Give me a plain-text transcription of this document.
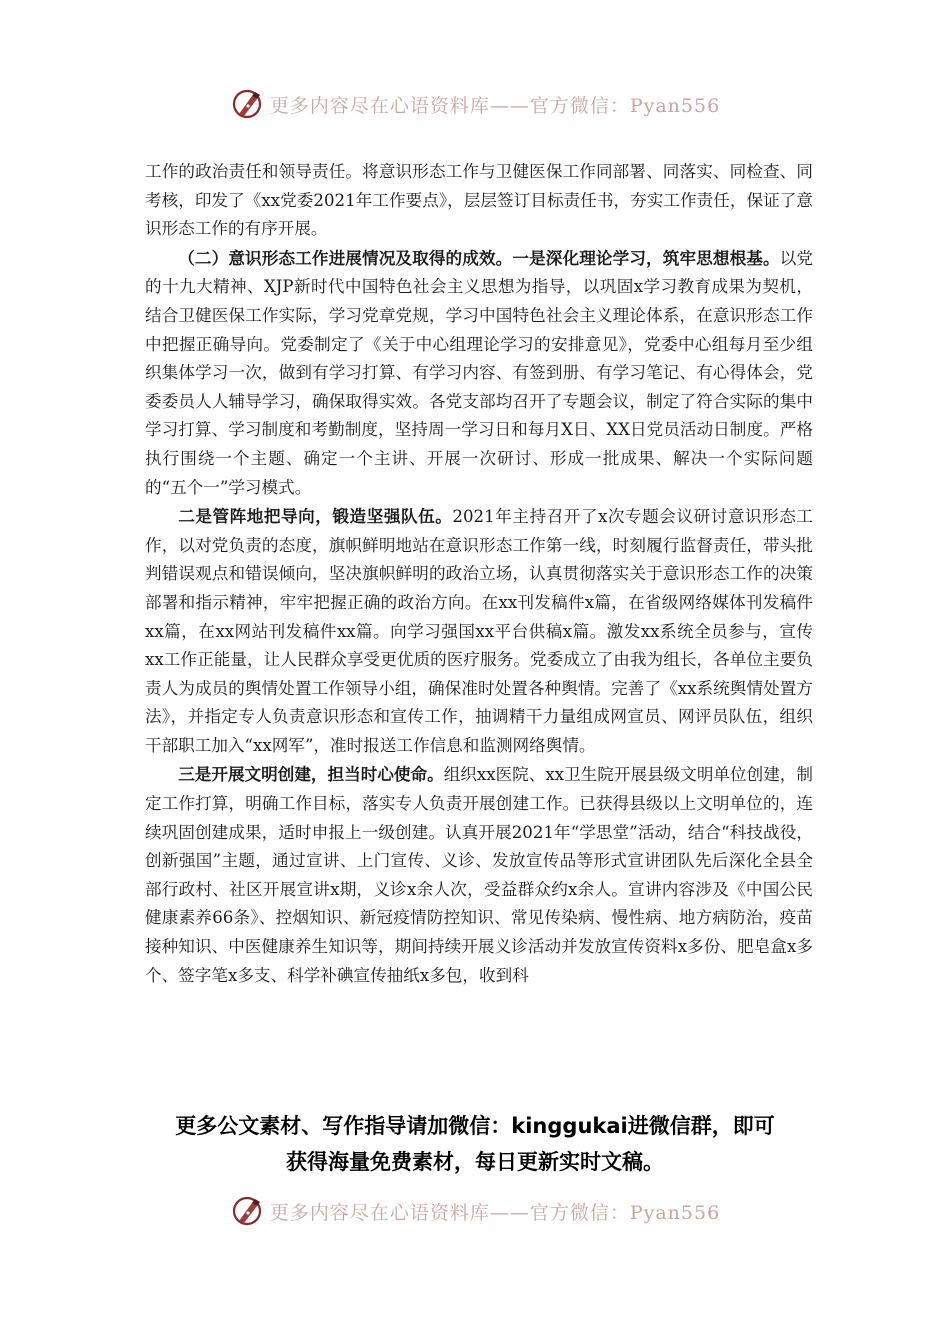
更多内容尽在心语资料库——官方微信：Pyan556

工作的政治责任和领导责任。将意识形态工作与卫健医保工作同部署、同落实、同检查、同考核，印发了《xx党委2021年工作要点》，层层签订目标责任书，夯实工作责任，保证了意识形态工作的有序开展。

（二）意识形态工作进展情况及取得的成效。一是深化理论学习，筑牢思想根基。以党的十九大精神、XJP新时代中国特色社会主义思想为指导，以巩固x学习教育成果为契机，结合卫健医保工作实际，学习党章党规，学习中国特色社会主义理论体系，在意识形态工作中把握正确导向。党委制定了《关于中心组理论学习的安排意见》，党委中心组每月至少组织集体学习一次，做到有学习打算、有学习内容、有签到册、有学习笔记、有心得体会，党委委员人人辅导学习，确保取得实效。各党支部均召开了专题会议，制定了符合实际的集中学习打算、学习制度和考勤制度，坚持周一学习日和每月X日、XX日党员活动日制度。严格执行围绕一个主题、确定一个主讲、开展一次研讨、形成一批成果、解决一个实际问题的“五个一”学习模式。

二是管阵地把导向，锻造坚强队伍。2021年主持召开了x次专题会议研讨意识形态工作，以对党负责的态度，旗帜鲜明地站在意识形态工作第一线，时刻履行监督责任，带头批判错误观点和错误倾向，坚决旗帜鲜明的政治立场，认真贯彻落实关于意识形态工作的决策部署和指示精神，牢牢把握正确的政治方向。在xx刊发稿件x篇，在省级网络媒体刊发稿件xx篇，在xx网站刊发稿件xx篇。向学习强国xx平台供稿x篇。激发xx系统全员参与，宣传xx工作正能量，让人民群众享受更优质的医疗服务。党委成立了由我为组长，各单位主要负责人为成员的舆情处置工作领导小组，确保准时处置各种舆情。完善了《xx系统舆情处置方法》，并指定专人负责意识形态和宣传工作，抽调精干力量组成网宣员、网评员队伍，组织干部职工加入“xx网军”，准时报送工作信息和监测网络舆情。

三是开展文明创建，担当时心使命。组织xx医院、xx卫生院开展县级文明单位创建，制定工作打算，明确工作目标，落实专人负责开展创建工作。已获得县级以上文明单位的，连续巩固创建成果，适时申报上一级创建。认真开展2021年“学思堂”活动，结合“科技战役，创新强国”主题，通过宣讲、上门宣传、义诊、发放宣传品等形式宣讲团队先后深化全县全部行政村、社区开展宣讲x期，义诊x余人次，受益群众约x余人。宣讲内容涉及《中国公民健康素养66条》、控烟知识、新冠疫情防控知识、常见传染病、慢性病、地方病防治，疫苗接种知识、中医健康养生知识等，期间持续开展义诊活动并发放宣传资料x多份、肥皂盒x多个、签字笔x多支、科学补碘宣传抽纸x多包，收到科

更多公文素材、写作指导请加微信：kinggukai进微信群，即可
获得海量免费素材，每日更新实时文稿。
更多内容尽在心语资料库——官方微信：Pyan556
